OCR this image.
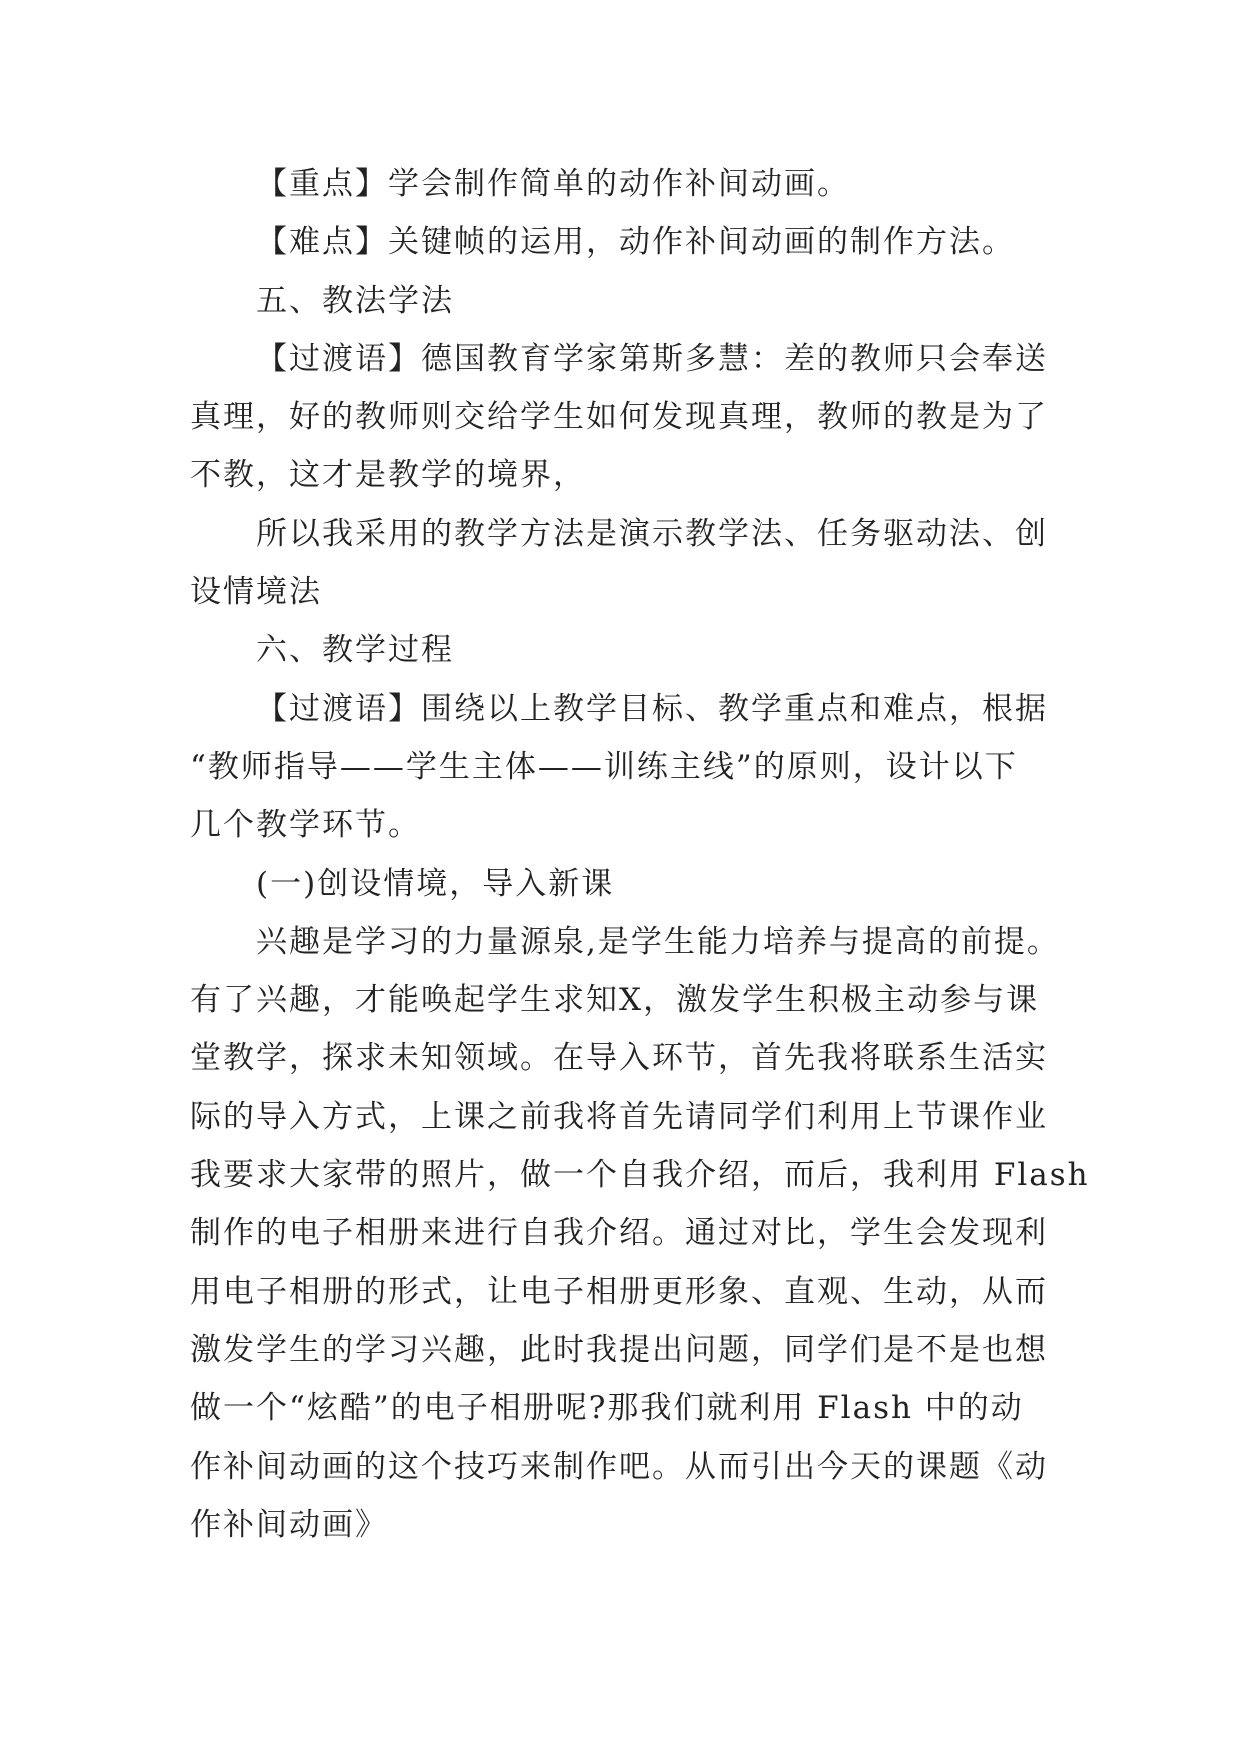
【重点】学会制作简单的动作补间动画。
【难点】关键帧的运用，动作补间动画的制作方法。
五、教法学法
【过渡语】德国教育学家第斯多慧：差的教师只会奉送
真理，好的教师则交给学生如何发现真理，教师的教是为了
不教，这才是教学的境界，
所以我采用的教学方法是演示教学法、任务驱动法、创
设情境法
六、教学过程
【过渡语】围绕以上教学目标、教学重点和难点，根据
“教师指导——学生主体——训练主线”的原则，设计以下
几个教学环节。
(一)创设情境，导入新课
兴趣是学习的力量源泉,是学生能力培养与提高的前提。
有了兴趣，才能唤起学生求知X，激发学生积极主动参与课
堂教学，探求未知领域。在导入环节，首先我将联系生活实
际的导入方式，上课之前我将首先请同学们利用上节课作业
我要求大家带的照片，做一个自我介绍，而后，我利用 Flash
制作的电子相册来进行自我介绍。通过对比，学生会发现利
用电子相册的形式，让电子相册更形象、直观、生动，从而
激发学生的学习兴趣，此时我提出问题，同学们是不是也想
做一个“炫酷”的电子相册呢?那我们就利用 Flash 中的动
作补间动画的这个技巧来制作吧。从而引出今天的课题《动
作补间动画》
